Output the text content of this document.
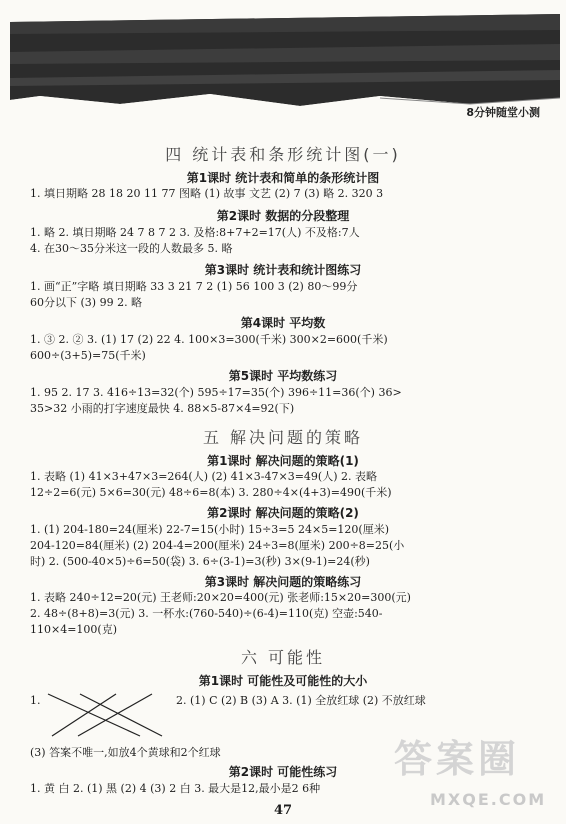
8分钟随堂小测
四 统计表和条形统计图(一)
第1课时 统计表和简单的条形统计图
1. 填日期略 28 18 20 11 77 图略 (1) 故事 文艺 (2) 7 (3) 略 2. 320 3
第2课时 数据的分段整理
1. 略 2. 填日期略 24 7 8 7 2 3. 及格:8+7+2=17(人) 不及格:7人
4. 在30～35分米这一段的人数最多 5. 略
第3课时 统计表和统计图练习
1. 画“正”字略 填日期略 33 3 21 7 2 (1) 56 100 3 (2) 80～99分
60分以下 (3) 99 2. 略
第4课时 平均数
1. ③ 2. ② 3. (1) 17 (2) 22 4. 100×3=300(千米) 300×2=600(千米)
600÷(3+5)=75(千米)
第5课时 平均数练习
1. 95 2. 17 3. 416÷13=32(个) 595÷17=35(个) 396÷11=36(个) 36>
35>32 小雨的打字速度最快 4. 88×5-87×4=92(下)
五 解决问题的策略
第1课时 解决问题的策略(1)
1. 表略 (1) 41×3+47×3=264(人) (2) 41×3-47×3=49(人) 2. 表略
12÷2=6(元) 5×6=30(元) 48÷6=8(本) 3. 280÷4×(4+3)=490(千米)
第2课时 解决问题的策略(2)
1. (1) 204-180=24(厘米) 22-7=15(小时) 15÷3=5 24×5=120(厘米)
204-120=84(厘米) (2) 204-4=200(厘米) 24÷3=8(厘米) 200÷8=25(小
时) 2. (500-40×5)÷6=50(袋) 3. 6÷(3-1)=3(秒) 3×(9-1)=24(秒)
第3课时 解决问题的策略练习
1. 表略 240÷12=20(元) 王老师:20×20=400(元) 张老师:15×20=300(元)
2. 48÷(8+8)=3(元) 3. 一杯水:(760-540)÷(6-4)=110(克) 空壶:540-
110×4=100(克)
六 可能性
第1课时 可能性及可能性的大小
1.	2. (1) C (2) B (3) A 3. (1) 全放红球 (2) 不放红球
(3) 答案不唯一,如放4个黄球和2个红球
第2课时 可能性练习
1. 黄 白 2. (1) 黑 (2) 4 (3) 2 白 3. 最大是12,最小是2 6种
47
答案圈
MXQE.COM
